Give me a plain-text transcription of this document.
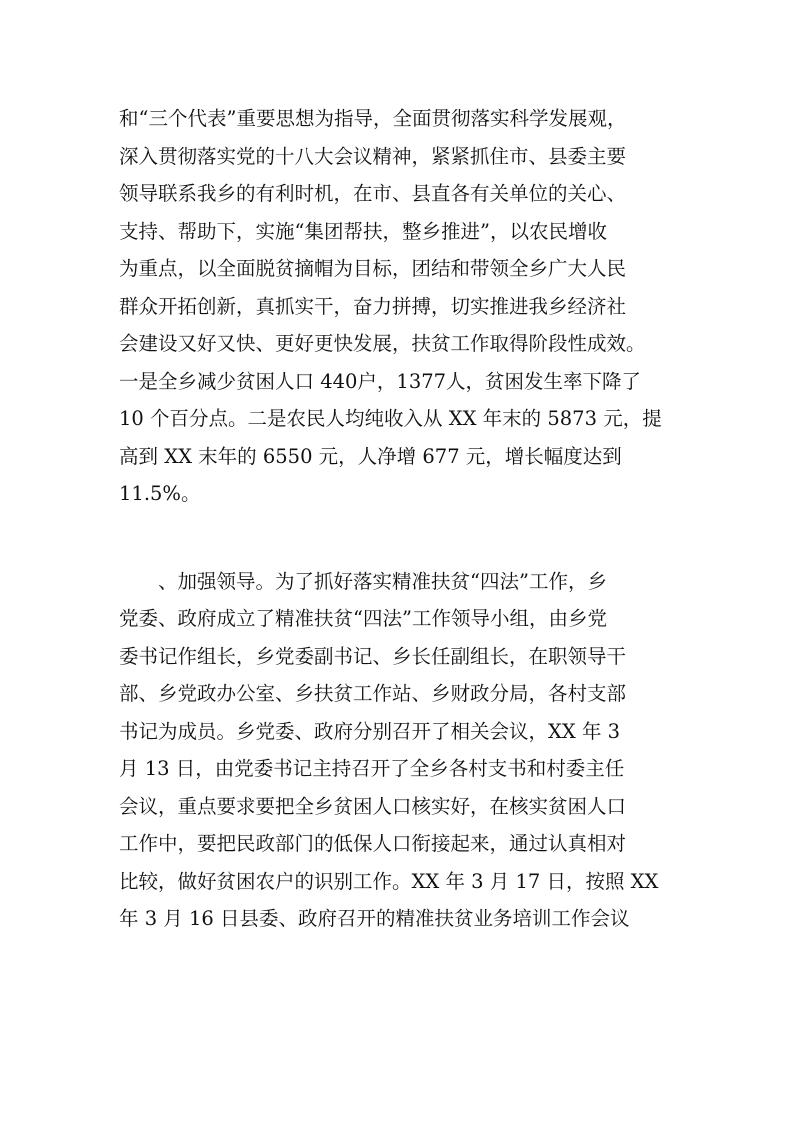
和“三个代表”重要思想为指导，全面贯彻落实科学发展观，
深入贯彻落实党的十八大会议精神，紧紧抓住市、县委主要
领导联系我乡的有利时机，在市、县直各有关单位的关心、
支持、帮助下，实施“集团帮扶，整乡推进”，以农民增收
为重点，以全面脱贫摘帽为目标，团结和带领全乡广大人民
群众开拓创新，真抓实干，奋力拼搏，切实推进我乡经济社
会建设又好又快、更好更快发展，扶贫工作取得阶段性成效。
一是全乡减少贫困人口 440户，1377人，贫困发生率下降了
10 个百分点。二是农民人均纯收入从 XX 年末的 5873 元，提
高到 XX 末年的 6550 元，人净增 677 元，增长幅度达到
11.5%。
　　、加强领导。为了抓好落实精准扶贫“四法”工作，乡
党委、政府成立了精准扶贫“四法”工作领导小组，由乡党
委书记作组长，乡党委副书记、乡长任副组长，在职领导干
部、乡党政办公室、乡扶贫工作站、乡财政分局，各村支部
书记为成员。乡党委、政府分别召开了相关会议，XX 年 3
月 13 日，由党委书记主持召开了全乡各村支书和村委主任
会议，重点要求要把全乡贫困人口核实好，在核实贫困人口
工作中，要把民政部门的低保人口衔接起来，通过认真相对
比较，做好贫困农户的识别工作。XX 年 3 月 17 日，按照 XX
年 3 月 16 日县委、政府召开的精准扶贫业务培训工作会议
